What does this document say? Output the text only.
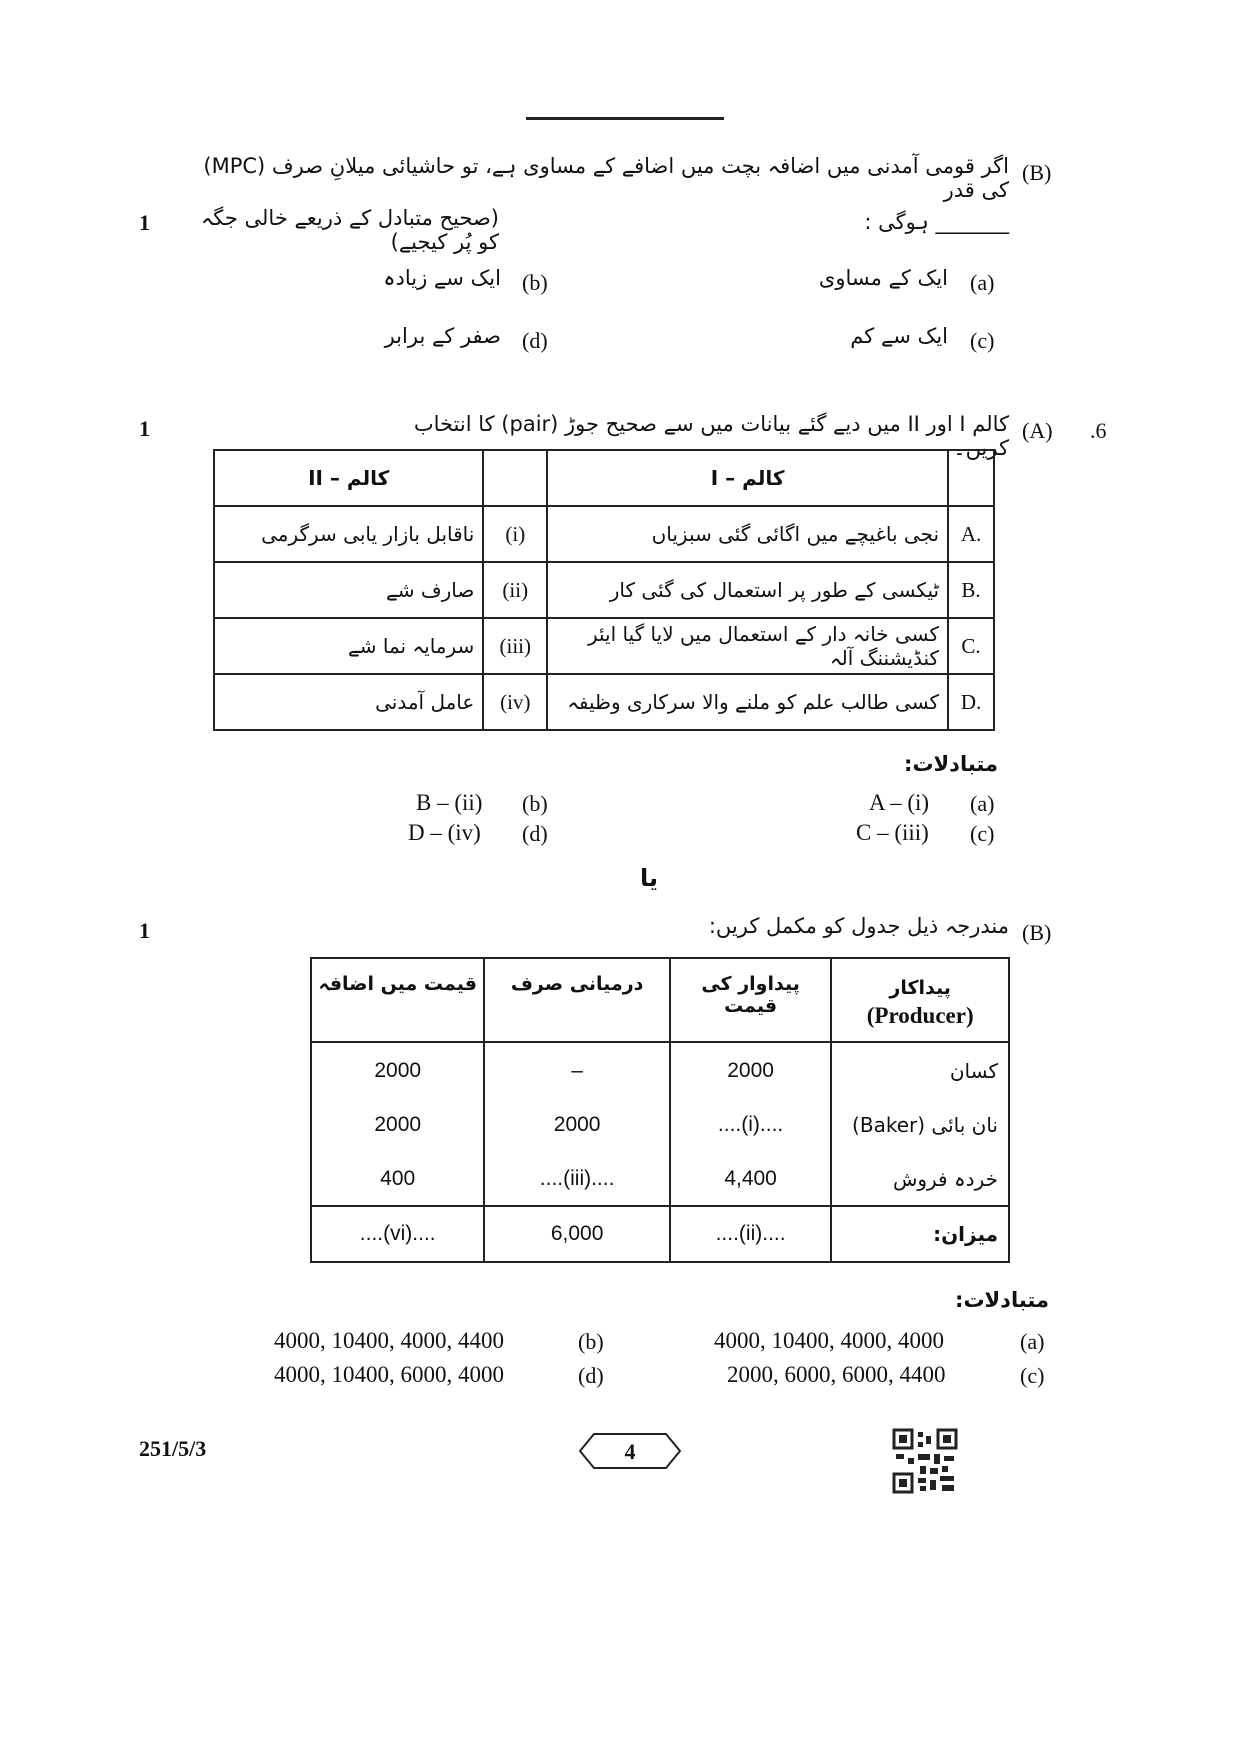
(B)
اگر قومی آمدنی میں اضافہ بچت میں اضافے کے مساوی ہے، تو حاشیائی میلانِ صرف (MPC) کی قدر
_______ ہوگی :
(صحیح متبادل کے ذریعے خالی جگہ کو پُر کیجیے)
1
(a)
ایک کے مساوی
(b)
ایک سے زیادہ
(c)
ایک سے کم
(d)
صفر کے برابر
1	.6
(A)
کالم I اور II میں دیے گئے بیانات میں سے صحیح جوڑ (pair) کا انتخاب کریں۔
کالم – II		کالم – I	
ناقابل بازار یابی سرگرمی	(i)	نجی باغیچے میں اگائی گئی سبزیاں	A.
صارف شے	(ii)	ٹیکسی کے طور پر استعمال کی گئی کار	B.
سرمایہ نما شے	(iii)	کسی خانہ دار کے استعمال میں لایا گیا ایئر کنڈیشننگ آلہ	C.
عامل آمدنی	(iv)	کسی طالب علم کو ملنے والا سرکاری وظیفہ	D.
متبادلات:
A – (i) (a)
B – (ii) (b)
C – (iii) (c)
D – (iv) (d)
یا
1	(B)
مندرجہ ذیل جدول کو مکمل کریں:
قیمت میں اضافہ	درمیانی صرف	پیداوار کی قیمت	پیداکار
(Producer)

2000	–	2000	کسان
2000	2000	....(i)....	نان بائی (Baker)
400	....(iii)....	4,400	خردہ فروش
....(vi)....	6,000	....(ii)....	میزان:
متبادلات:
4000, 10400, 4000, 4000	(a)
4000, 10400, 4000, 4400	(b)
2000, 6000, 6000, 4400	(c)
4000, 10400, 6000, 4000	(d)
251/5/3	4
